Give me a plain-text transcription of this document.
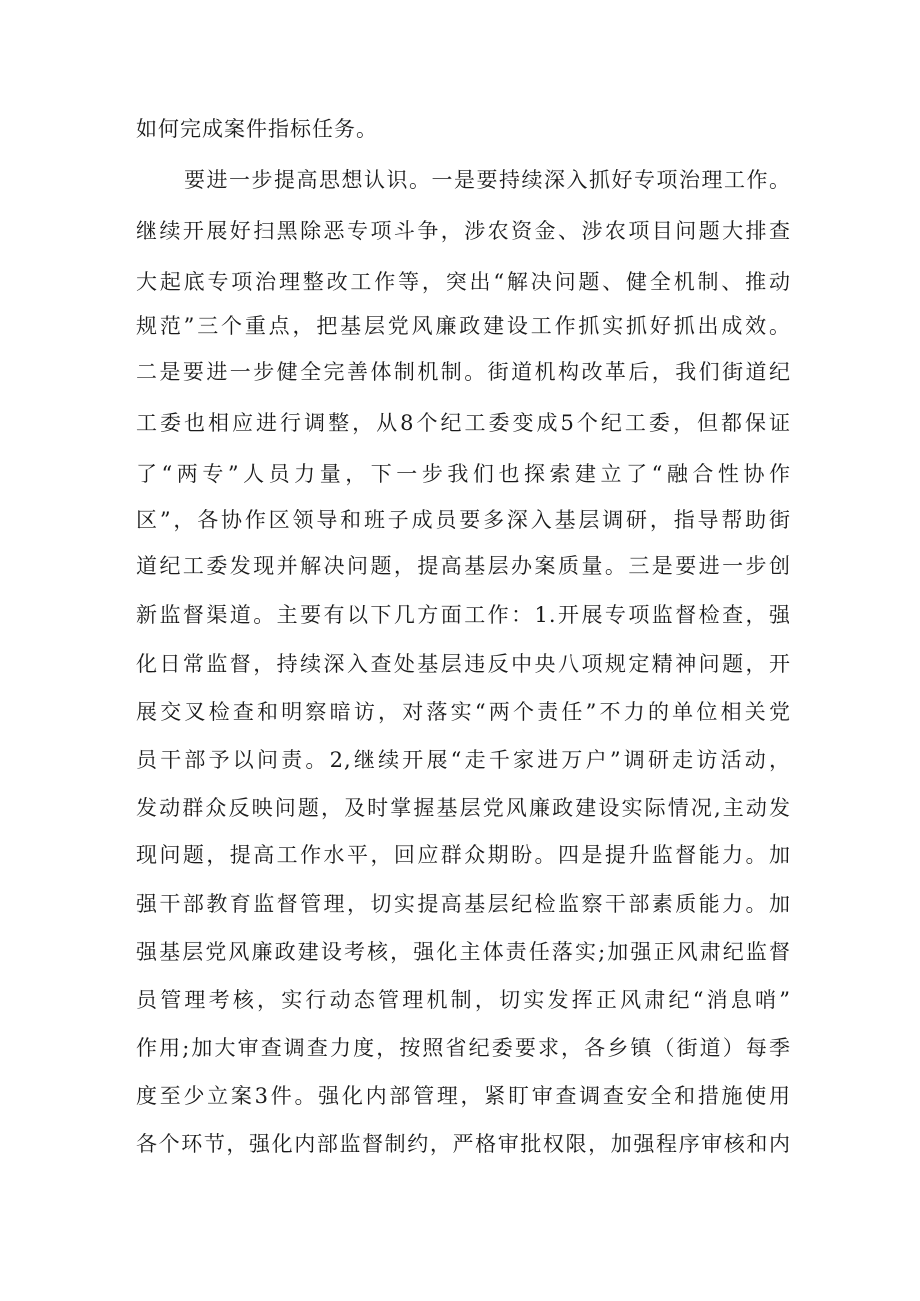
如何完成案件指标任务。
要进一步提高思想认识。一是要持续深入抓好专项治理工作。
继续开展好扫黑除恶专项斗争，涉农资金、涉农项目问题大排查
大起底专项治理整改工作等，突出“解决问题、健全机制、推动
规范”三个重点，把基层党风廉政建设工作抓实抓好抓出成效。
二是要进一步健全完善体制机制。街道机构改革后，我们街道纪
工委也相应进行调整，从8个纪工委变成5个纪工委，但都保证
了“两专”人员力量，下一步我们也探索建立了“融合性协作
区”，各协作区领导和班子成员要多深入基层调研，指导帮助街
道纪工委发现并解决问题，提高基层办案质量。三是要进一步创
新监督渠道。主要有以下几方面工作：1.开展专项监督检查，强
化日常监督，持续深入查处基层违反中央八项规定精神问题，开
展交叉检查和明察暗访，对落实“两个责任”不力的单位相关党
员干部予以问责。2,继续开展“走千家进万户”调研走访活动，
发动群众反映问题，及时掌握基层党风廉政建设实际情况,主动发
现问题，提高工作水平，回应群众期盼。四是提升监督能力。加
强干部教育监督管理，切实提高基层纪检监察干部素质能力。加
强基层党风廉政建设考核，强化主体责任落实;加强正风肃纪监督
员管理考核，实行动态管理机制，切实发挥正风肃纪“消息哨”
作用;加大审查调查力度，按照省纪委要求，各乡镇（街道）每季
度至少立案3件。强化内部管理，紧盯审查调查安全和措施使用
各个环节，强化内部监督制约，严格审批权限，加强程序审核和内
